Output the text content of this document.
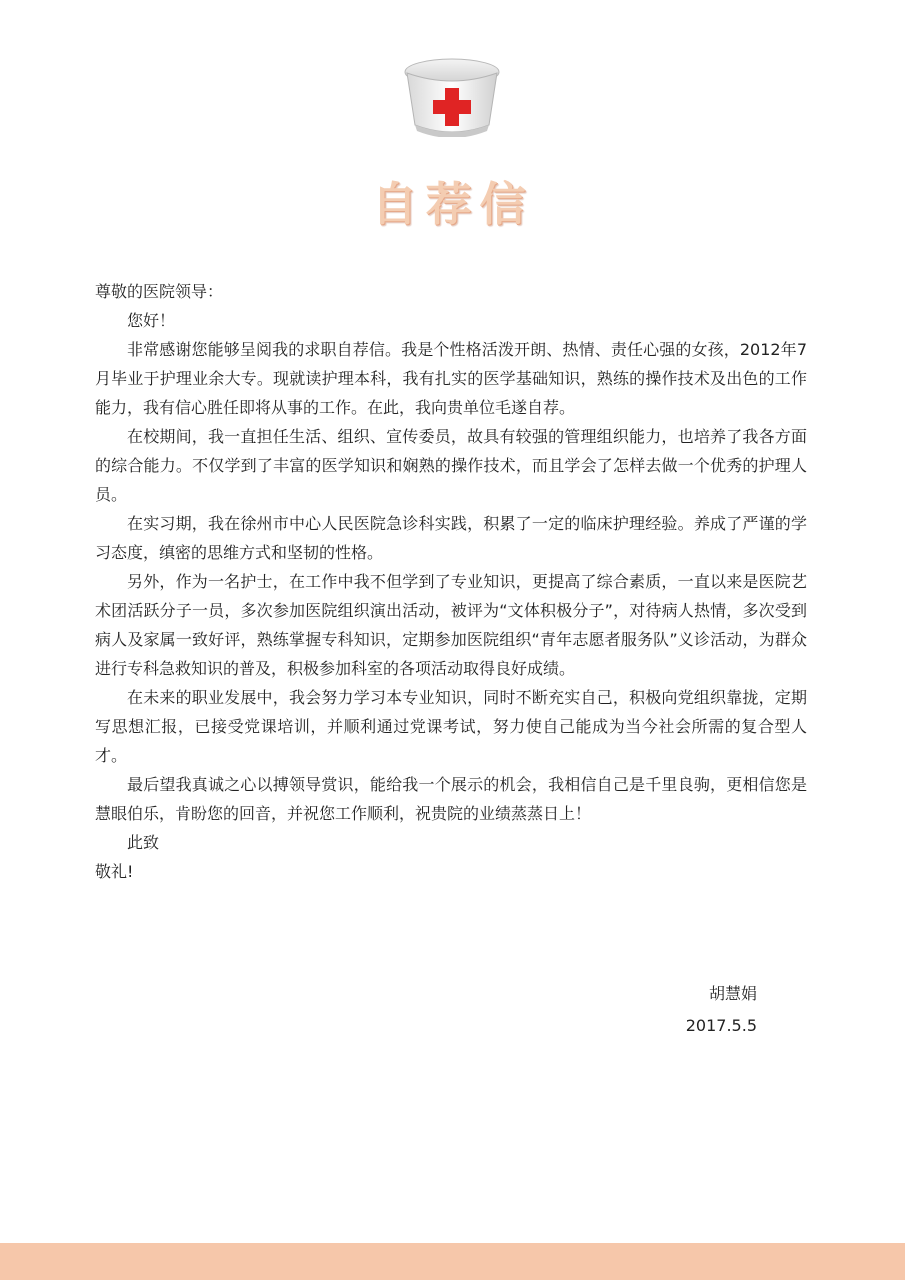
自荐信

尊敬的医院领导：

您好！

非常感谢您能够呈阅我的求职自荐信。我是个性格活泼开朗、热情、责任心强的女孩，2012年7月毕业于护理业余大专。现就读护理本科，我有扎实的医学基础知识，熟练的操作技术及出色的工作能力，我有信心胜任即将从事的工作。在此，我向贵单位毛遂自荐。

在校期间，我一直担任生活、组织、宣传委员，故具有较强的管理组织能力，也培养了我各方面的综合能力。不仅学到了丰富的医学知识和娴熟的操作技术，而且学会了怎样去做一个优秀的护理人员。

在实习期，我在徐州市中心人民医院急诊科实践，积累了一定的临床护理经验。养成了严谨的学习态度，缜密的思维方式和坚韧的性格。

另外，作为一名护士，在工作中我不但学到了专业知识，更提高了综合素质，一直以来是医院艺术团活跃分子一员，多次参加医院组织演出活动，被评为“文体积极分子”，对待病人热情，多次受到病人及家属一致好评，熟练掌握专科知识，定期参加医院组织“青年志愿者服务队”义诊活动，为群众进行专科急救知识的普及，积极参加科室的各项活动取得良好成绩。

在未来的职业发展中，我会努力学习本专业知识，同时不断充实自己，积极向党组织靠拢，定期写思想汇报，已接受党课培训，并顺利通过党课考试，努力使自己能成为当今社会所需的复合型人才。

最后望我真诚之心以搏领导赏识，能给我一个展示的机会，我相信自己是千里良驹，更相信您是慧眼伯乐，肯盼您的回音，并祝您工作顺利，祝贵院的业绩蒸蒸日上！

此致

敬礼!

胡慧娟
2017.5.5
